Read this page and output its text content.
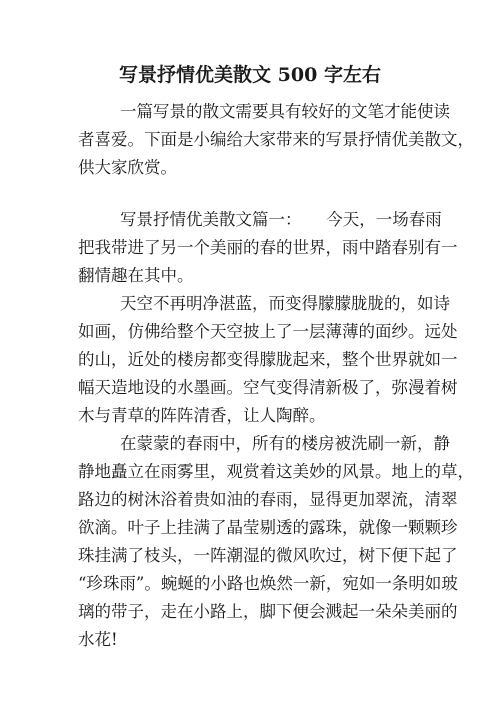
写景抒情优美散文 500 字左右
一篇写景的散文需要具有较好的文笔才能使读
者喜爱。下面是小编给大家带来的写景抒情优美散文，
供大家欣赏。
写景抒情优美散文篇一：　　今天，一场春雨
把我带进了另一个美丽的春的世界，雨中踏春别有一
翻情趣在其中。
天空不再明净湛蓝，而变得朦朦胧胧的，如诗
如画，仿佛给整个天空披上了一层薄薄的面纱。远处
的山，近处的楼房都变得朦胧起来，整个世界就如一
幅天造地设的水墨画。空气变得清新极了，弥漫着树
木与青草的阵阵清香，让人陶醉。
在蒙蒙的春雨中，所有的楼房被洗刷一新，静
静地矗立在雨雾里，观赏着这美妙的风景。地上的草，
路边的树沐浴着贵如油的春雨，显得更加翠流，清翠
欲滴。叶子上挂满了晶莹剔透的露珠，就像一颗颗珍
珠挂满了枝头，一阵潮湿的微风吹过，树下便下起了
“珍珠雨”。蜿蜒的小路也焕然一新，宛如一条明如玻
璃的带子，走在小路上，脚下便会溅起一朵朵美丽的
水花!
